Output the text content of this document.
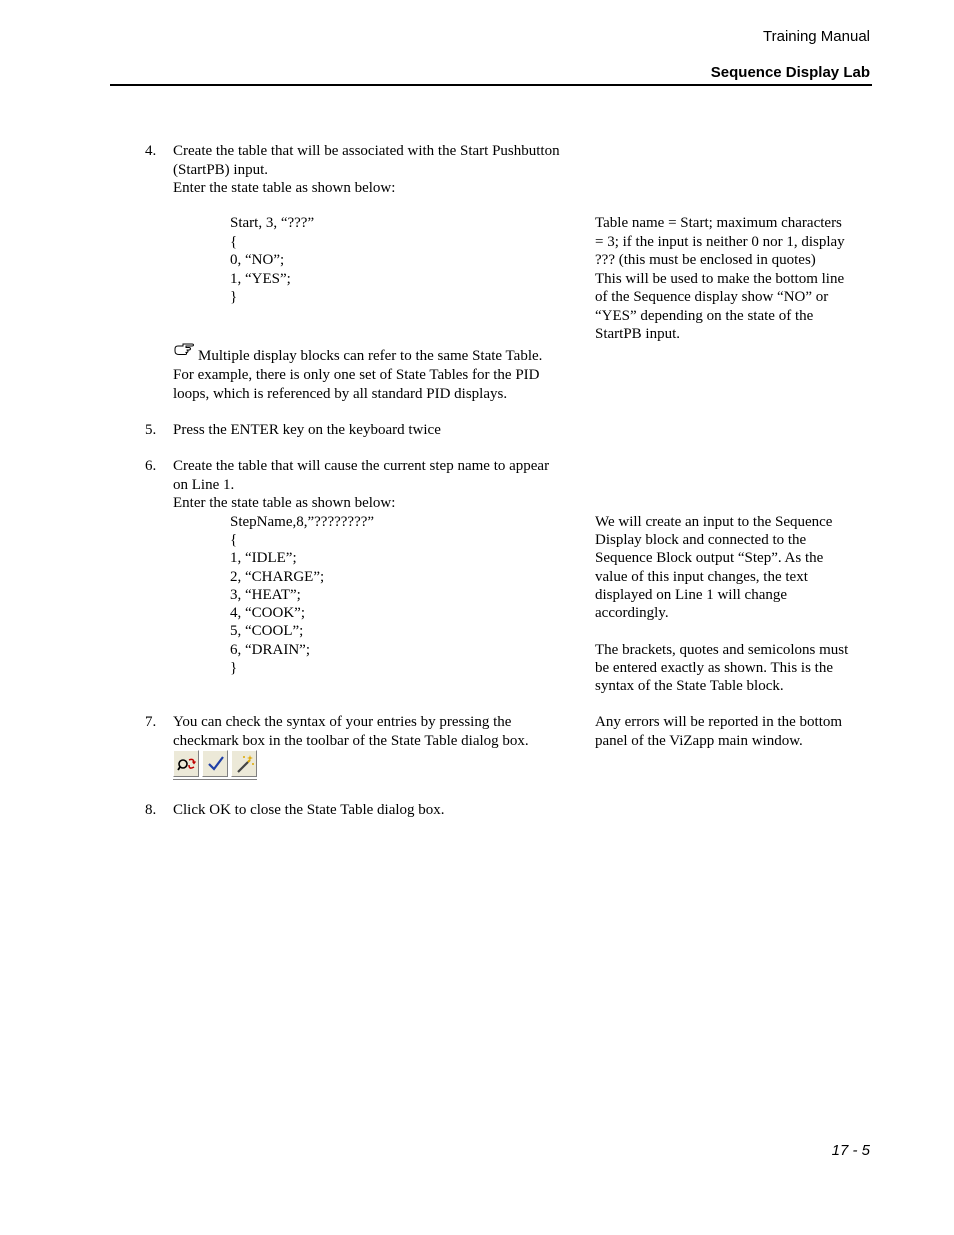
Training Manual
Sequence Display Lab
4. Create the table that will be associated with the Start Pushbutton
(StartPB) input.
Enter the state table as shown below:
Start, 3, “???”
{
0, “NO”;
1, “YES”;
}
Table name = Start; maximum characters
= 3; if the input is neither 0 nor 1, display
??? (this must be enclosed in quotes)
This will be used to make the bottom line
of the Sequence display show “NO” or
“YES” depending on the state of the
StartPB input.
Multiple display blocks can refer to the same State Table.
For example, there is only one set of State Tables for the PID
loops, which is referenced by all standard PID displays.
5. Press the ENTER key on the keyboard twice
6. Create the table that will cause the current step name to appear
on Line 1.
Enter the state table as shown below:
StepName,8,”????????”
{
1, “IDLE”;
2, “CHARGE”;
3, “HEAT”;
4, “COOK”;
5, “COOL”;
6, “DRAIN”;
}
We will create an input to the Sequence
Display block and connected to the
Sequence Block output “Step”. As the
value of this input changes, the text
displayed on Line 1 will change
accordingly.
The brackets, quotes and semicolons must
be entered exactly as shown. This is the
syntax of the State Table block.
7. You can check the syntax of your entries by pressing the
checkmark box in the toolbar of the State Table dialog box.
Any errors will be reported in the bottom
panel of the ViZapp main window.
8. Click OK to close the State Table dialog box.
17 - 5
